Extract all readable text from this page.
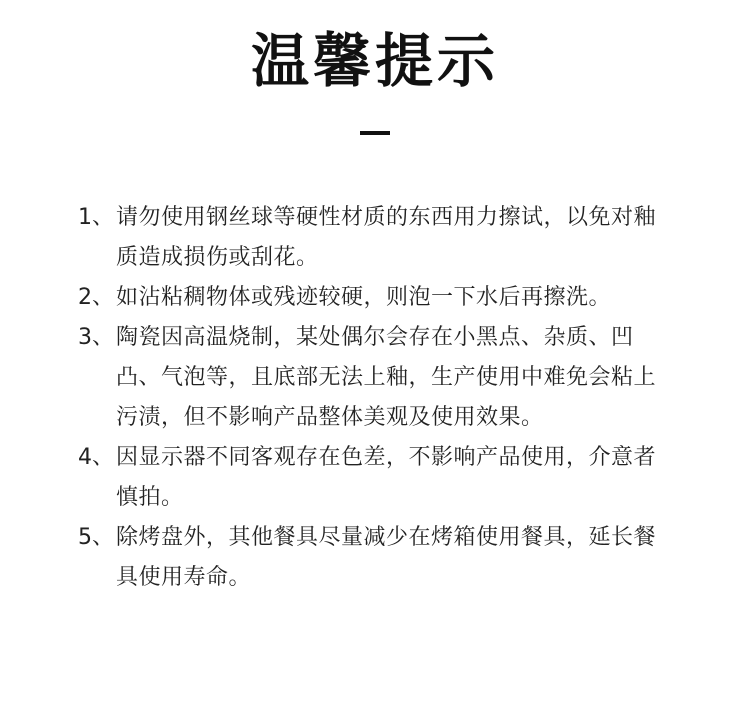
温馨提示
1、 请勿使用钢丝球等硬性材质的东西用力擦试，以免对釉质造成损伤或刮花。
2、 如沾粘稠物体或残迹较硬，则泡一下水后再擦洗。
3、 陶瓷因高温烧制，某处偶尔会存在小黑点、杂质、凹凸、气泡等，且底部无法上釉，生产使用中难免会粘上污渍，但不影响产品整体美观及使用效果。
4、 因显示器不同客观存在色差，不影响产品使用，介意者慎拍。
5、 除烤盘外，其他餐具尽量减少在烤箱使用餐具，延长餐具使用寿命。
